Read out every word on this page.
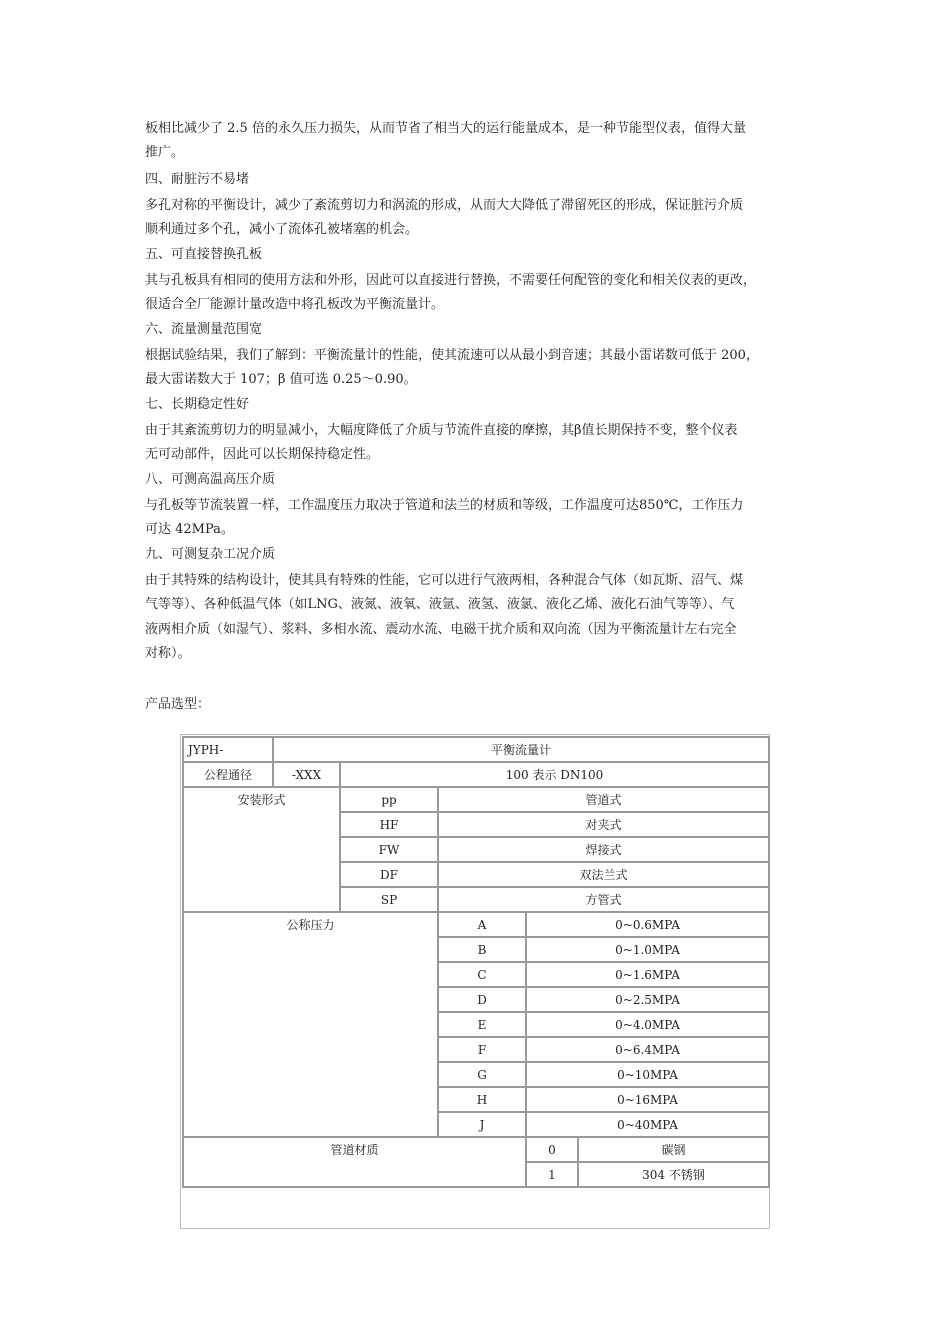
板相比减少了 2.5 倍的永久压力损失，从而节省了相当大的运行能量成本，是一种节能型仪表，值得大量

推广。

四、耐脏污不易堵

多孔对称的平衡设计，减少了紊流剪切力和涡流的形成，从而大大降低了滞留死区的形成，保证脏污介质

顺利通过多个孔，减小了流体孔被堵塞的机会。

五、可直接替换孔板

其与孔板具有相同的使用方法和外形，因此可以直接进行替换，不需要任何配管的变化和相关仪表的更改，

很适合全厂能源计量改造中将孔板改为平衡流量计。

六、流量测量范围宽

根据试验结果，我们了解到：平衡流量计的性能，使其流速可以从最小到音速；其最小雷诺数可低于 200，

最大雷诺数大于 107；β 值可选 0.25～0.90。

七、长期稳定性好

由于其紊流剪切力的明显减小，大幅度降低了介质与节流件直接的摩擦，其β值长期保持不变，整个仪表

无可动部件，因此可以长期保持稳定性。

八、可测高温高压介质

与孔板等节流装置一样，工作温度压力取决于管道和法兰的材质和等级，工作温度可达850℃，工作压力

可达 42MPa。

九、可测复杂工况介质

由于其特殊的结构设计，使其具有特殊的性能，它可以进行气液两相，各种混合气体（如瓦斯、沼气、煤

气等等）、各种低温气体（如LNG、液氮、液氧、液氩、液氢、液氯、液化乙烯、液化石油气等等）、气

液两相介质（如湿气）、浆料、多相水流、震动水流、电磁干扰介质和双向流（因为平衡流量计左右完全

对称）。

产品选型：

JYPH-	平衡流量计				
公程通径	-XXX	100 表示 DN100			
安装形式		pp	管道式		
		HF	对夹式		
		FW	焊接式		
		DF	双法兰式		
		SP	方管式		
公称压力			A	0~0.6MPA	
			B	0~1.0MPA	
			C	0~1.6MPA	
			D	0~2.5MPA	
			E	0~4.0MPA	
			F	0~6.4MPA	
			G	0~10MPA	
			H	0~16MPA	
			J	0~40MPA	
管道材质				0	碳钢
				1	304 不锈钢
